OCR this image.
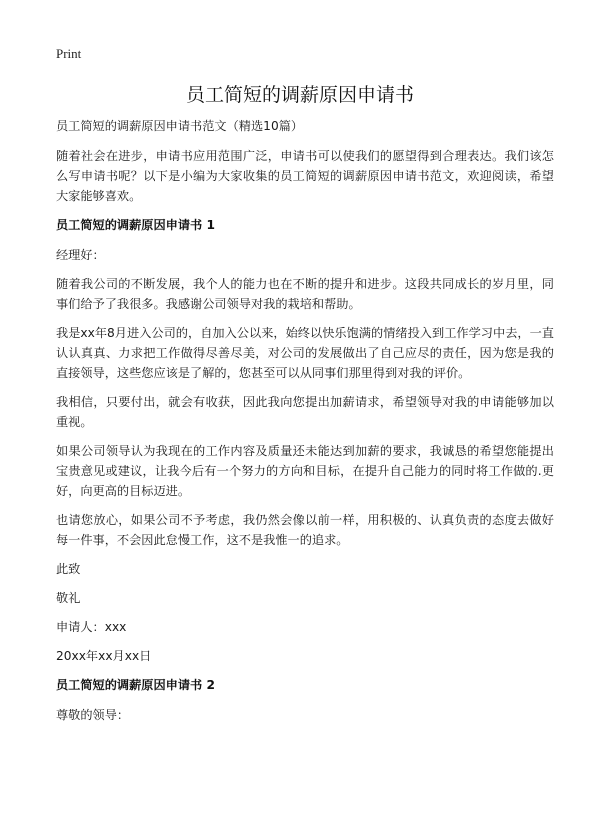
Print
员工简短的调薪原因申请书

员工简短的调薪原因申请书范文（精选10篇）

随着社会在进步，申请书应用范围广泛，申请书可以使我们的愿望得到合理表达。我们该怎么写申请书呢？以下是小编为大家收集的员工简短的调薪原因申请书范文，欢迎阅读，希望大家能够喜欢。

员工简短的调薪原因申请书 1

经理好：

随着我公司的不断发展，我个人的能力也在不断的提升和进步。这段共同成长的岁月里，同事们给予了我很多。我感谢公司领导对我的栽培和帮助。

我是xx年8月进入公司的，自加入公以来，始终以快乐饱满的情绪投入到工作学习中去，一直认认真真、力求把工作做得尽善尽美，对公司的发展做出了自己应尽的责任，因为您是我的直接领导，这些您应该是了解的，您甚至可以从同事们那里得到对我的评价。

我相信，只要付出，就会有收获，因此我向您提出加薪请求，希望领导对我的申请能够加以重视。

如果公司领导认为我现在的工作内容及质量还未能达到加薪的要求，我诚恳的希望您能提出宝贵意见或建议，让我今后有一个努力的方向和目标，在提升自己能力的同时将工作做的.更好，向更高的目标迈进。

也请您放心，如果公司不予考虑，我仍然会像以前一样，用积极的、认真负责的态度去做好每一件事，不会因此怠慢工作，这不是我惟一的追求。

此致

敬礼

申请人：xxx

20xx年xx月xx日

员工简短的调薪原因申请书 2

尊敬的领导：
